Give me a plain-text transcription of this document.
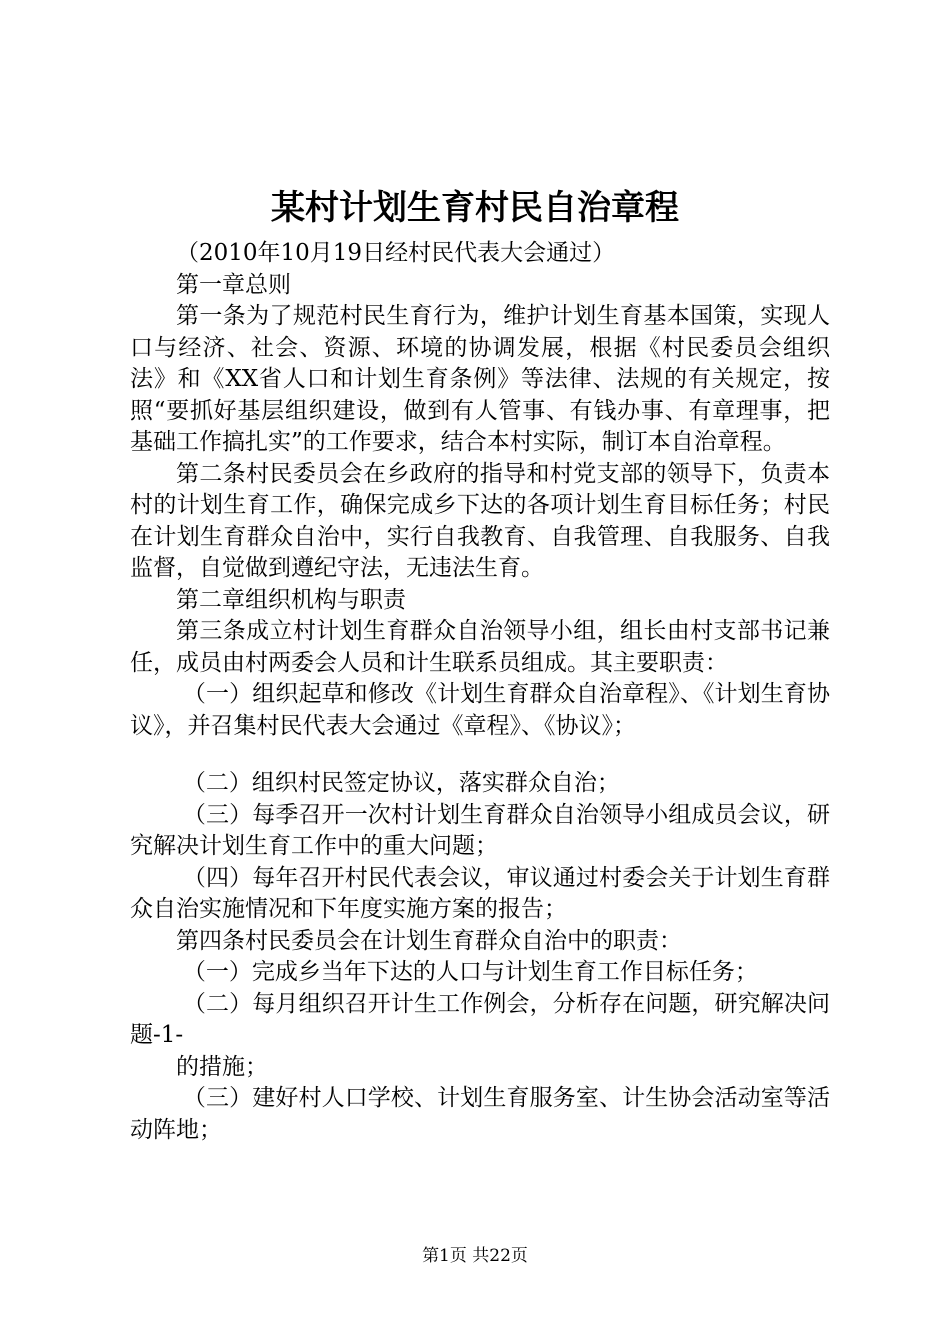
某村计划生育村民自治章程

（2010年10月19日经村民代表大会通过）

第一章总则

第一条为了规范村民生育行为，维护计划生育基本国策，实现人口与经济、社会、资源、环境的协调发展，根据《村民委员会组织法》和《XX省人口和计划生育条例》等法律、法规的有关规定，按照“要抓好基层组织建设，做到有人管事、有钱办事、有章理事，把基础工作搞扎实”的工作要求，结合本村实际，制订本自治章程。

第二条村民委员会在乡政府的指导和村党支部的领导下，负责本村的计划生育工作，确保完成乡下达的各项计划生育目标任务；村民在计划生育群众自治中，实行自我教育、自我管理、自我服务、自我监督，自觉做到遵纪守法，无违法生育。

第二章组织机构与职责

第三条成立村计划生育群众自治领导小组，组长由村支部书记兼任，成员由村两委会人员和计生联系员组成。其主要职责：

（一）组织起草和修改《计划生育群众自治章程》、《计划生育协议》，并召集村民代表大会通过《章程》、《协议》；

（二）组织村民签定协议，落实群众自治；

（三）每季召开一次村计划生育群众自治领导小组成员会议，研究解决计划生育工作中的重大问题；

（四）每年召开村民代表会议，审议通过村委会关于计划生育群众自治实施情况和下年度实施方案的报告；

第四条村民委员会在计划生育群众自治中的职责：

（一）完成乡当年下达的人口与计划生育工作目标任务；

（二）每月组织召开计生工作例会，分析存在问题，研究解决问题-1-

的措施；

（三）建好村人口学校、计划生育服务室、计生协会活动室等活动阵地；

第1页 共22页
